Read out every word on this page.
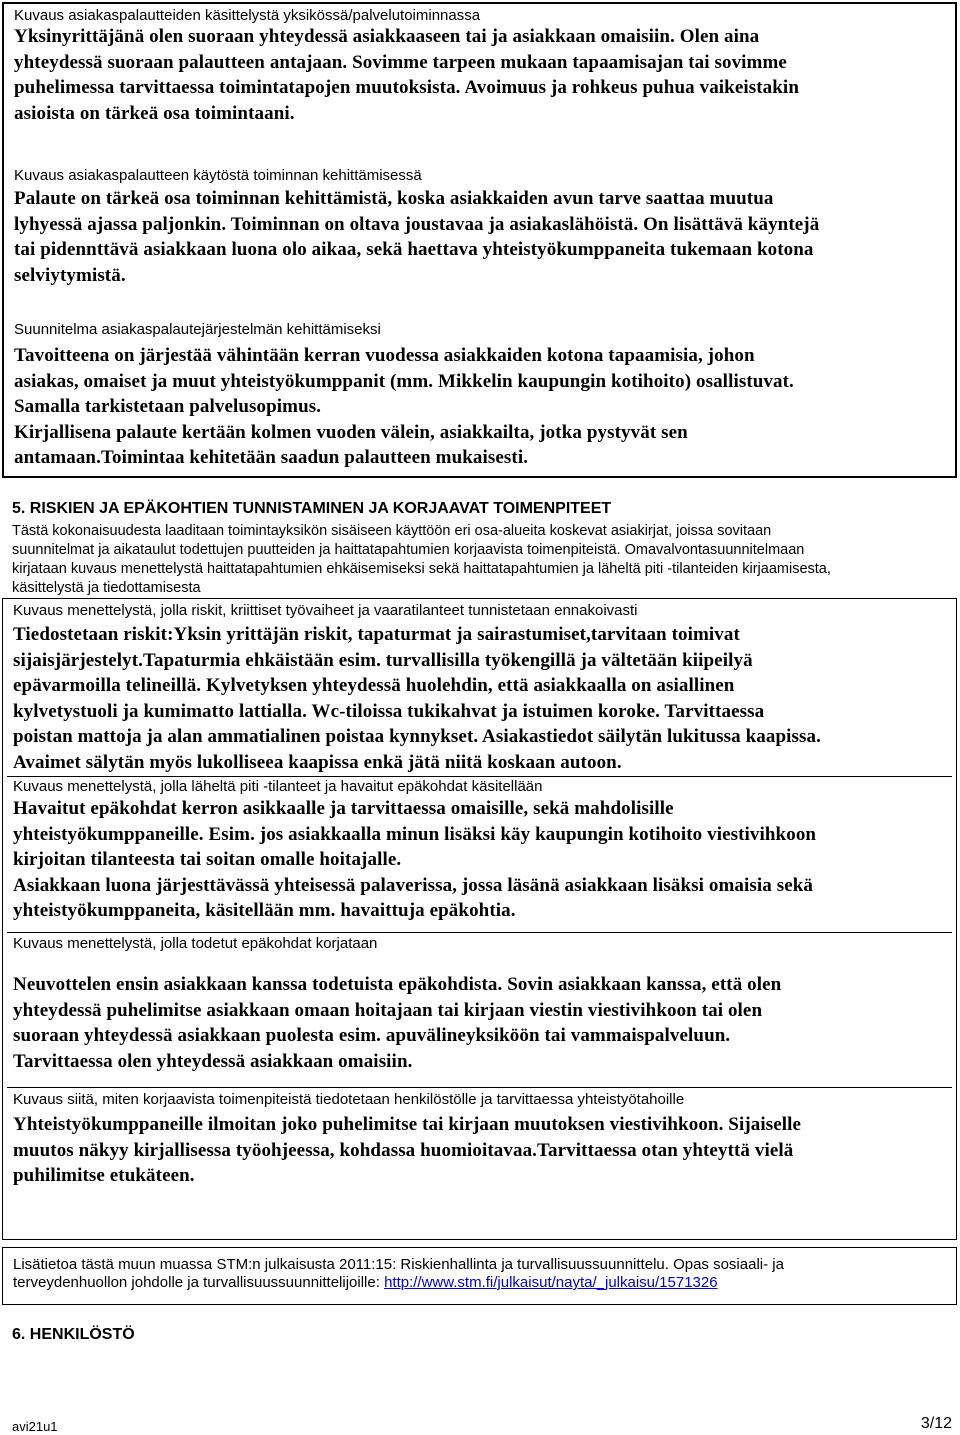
Kuvaus asiakaspalautteiden käsittelystä yksikössä/palvelutoiminnassa
Yksinyrittäjänä olen suoraan yhteydessä asiakkaaseen tai ja asiakkaan omaisiin. Olen aina
yhteydessä suoraan palautteen antajaan. Sovimme tarpeen mukaan tapaamisajan tai sovimme
puhelimessa tarvittaessa toimintatapojen muutoksista. Avoimuus ja rohkeus puhua vaikeistakin
asioista on tärkeä osa toimintaani.
Kuvaus asiakaspalautteen käytöstä toiminnan kehittämisessä
Palaute on tärkeä osa toiminnan kehittämistä, koska asiakkaiden avun tarve saattaa muutua
lyhyessä ajassa paljonkin. Toiminnan on oltava joustavaa ja asiakaslähöistä. On lisättävä käyntejä
tai pidennttävä asiakkaan luona olo aikaa, sekä haettava yhteistyökumppaneita tukemaan kotona
selviytymistä.
Suunnitelma asiakaspalautejärjestelmän kehittämiseksi
Tavoitteena on järjestää vähintään kerran vuodessa asiakkaiden kotona tapaamisia, johon
asiakas, omaiset ja muut yhteistyökumppanit (mm. Mikkelin kaupungin kotihoito) osallistuvat.
Samalla tarkistetaan palvelusopimus.
Kirjallisena palaute kertään kolmen vuoden välein, asiakkailta, jotka pystyvät sen
antamaan.Toimintaa kehitetään saadun palautteen mukaisesti.
5. RISKIEN JA EPÄKOHTIEN TUNNISTAMINEN JA KORJAAVAT TOIMENPITEET
Tästä kokonaisuudesta laaditaan toimintayksikön sisäiseen käyttöön eri osa-alueita koskevat asiakirjat, joissa sovitaan
suunnitelmat ja aikataulut todettujen puutteiden ja haittatapahtumien korjaavista toimenpiteistä. Omavalvontasuunnitelmaan
kirjataan kuvaus menettelystä haittatapahtumien ehkäisemiseksi sekä haittatapahtumien ja läheltä piti -tilanteiden kirjaamisesta,
käsittelystä ja tiedottamisesta
Kuvaus menettelystä, jolla riskit, kriittiset työvaiheet ja vaaratilanteet tunnistetaan ennakoivasti
Tiedostetaan riskit:Yksin yrittäjän riskit, tapaturmat ja sairastumiset,tarvitaan toimivat
sijaisjärjestelyt.Tapaturmia ehkäistään esim. turvallisilla työkengillä ja vältetään kiipeilyä
epävarmoilla telineillä. Kylvetyksen yhteydessä huolehdin, että asiakkaalla on asiallinen
kylvetystuoli ja kumimatto lattialla. Wc-tiloissa tukikahvat ja istuimen koroke. Tarvittaessa
poistan mattoja ja alan ammatialinen poistaa kynnykset. Asiakastiedot säilytän lukitussa kaapissa.
Avaimet sälytän myös lukolliseea kaapissa enkä jätä niitä koskaan autoon.
Kuvaus menettelystä, jolla läheltä piti -tilanteet ja havaitut epäkohdat käsitellään
Havaitut epäkohdat kerron asikkaalle ja tarvittaessa omaisille, sekä mahdolisille
yhteistyökumppaneille. Esim. jos asiakkaalla minun lisäksi käy kaupungin kotihoito viestivihkoon
kirjoitan tilanteesta tai soitan omalle hoitajalle.
Asiakkaan luona järjesttävässä yhteisessä palaverissa, jossa läsänä asiakkaan lisäksi omaisia sekä
yhteistyökumppaneita, käsitellään mm. havaittuja epäkohtia.
Kuvaus menettelystä, jolla todetut epäkohdat korjataan
Neuvottelen ensin asiakkaan kanssa todetuista epäkohdista. Sovin asiakkaan kanssa, että olen
yhteydessä puhelimitse asiakkaan omaan hoitajaan tai kirjaan viestin viestivihkoon tai olen
suoraan yhteydessä asiakkaan puolesta esim. apuvälineyksiköön tai vammaispalveluun.
Tarvittaessa olen yhteydessä asiakkaan omaisiin.
Kuvaus siitä, miten korjaavista toimenpiteistä tiedotetaan henkilöstölle ja tarvittaessa yhteistyötahoille
Yhteistyökumppaneille ilmoitan joko puhelimitse tai kirjaan muutoksen viestivihkoon. Sijaiselle
muutos näkyy kirjallisessa työohjeessa, kohdassa huomioitavaa.Tarvittaessa otan yhteyttä vielä
puhilimitse etukäteen.
Lisätietoa tästä muun muassa STM:n julkaisusta 2011:15: Riskienhallinta ja turvallisuussuunnittelu. Opas sosiaali- ja
terveydenhuollon johdolle ja turvallisuussuunnittelijoille: http://www.stm.fi/julkaisut/nayta/_julkaisu/1571326
6. HENKILÖSTÖ
avi21u1	3/12
